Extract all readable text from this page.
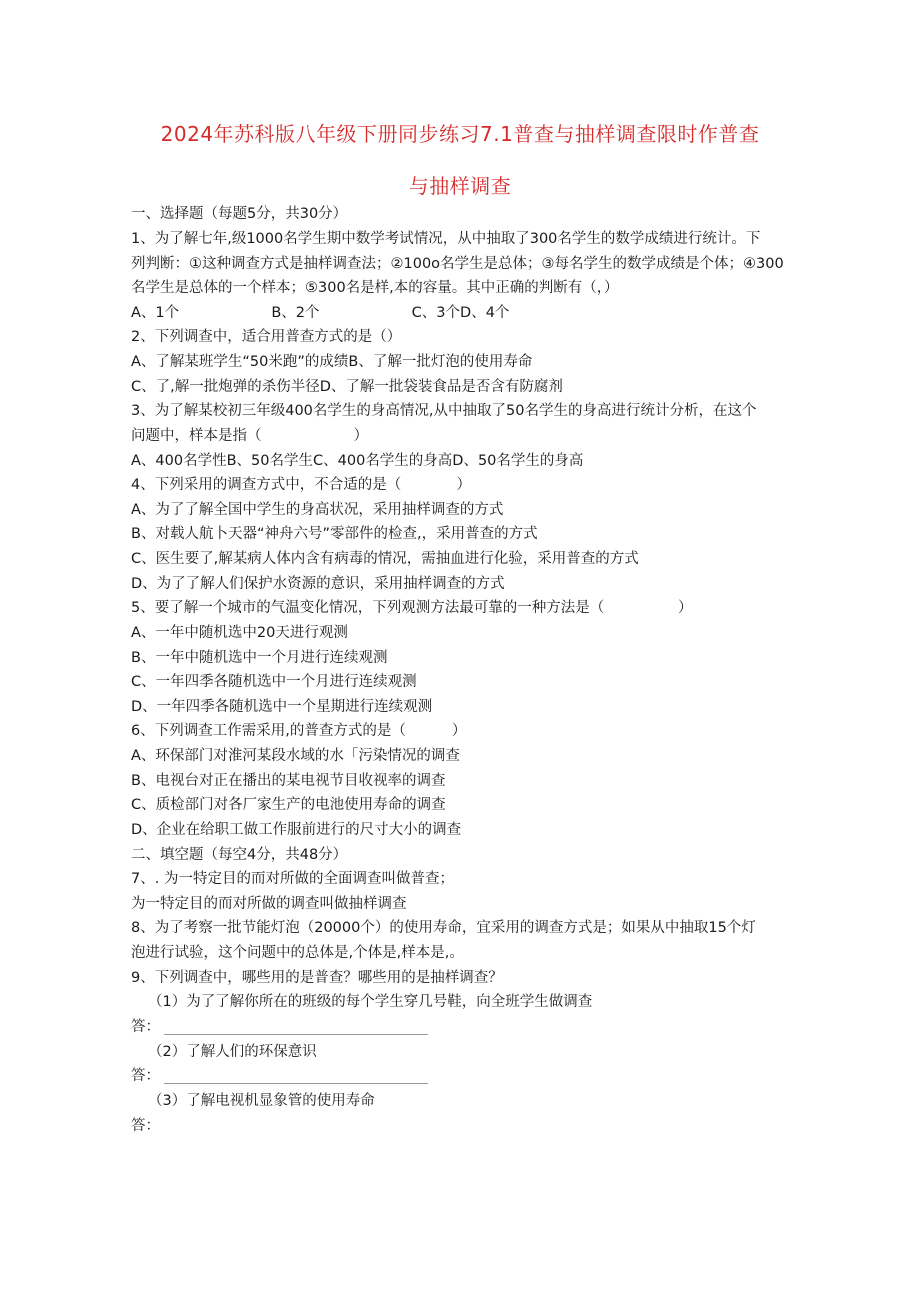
2024年苏科版八年级下册同步练习7.1普查与抽样调查限时作普查
与抽样调查
一、选择题（每题5分，共30分）
1、为了解七年,级1000名学生期中数学考试情况，从中抽取了300名学生的数学成绩进行统计。下
列判断：①这种调查方式是抽样调查法；②100o名学生是总体；③每名学生的数学成绩是个体；④300
名学生是总体的一个样本；⑤300名是样,本的容量。其中正确的判断有（，）
A、1个                    B、2个                    C、3个D、4个
2、下列调查中，适合用普查方式的是（）
A、了解某班学生“50米跑”的成绩B、了解一批灯泡的使用寿命
C、了,解一批炮弹的杀伤半径D、了解一批袋装食品是否含有防腐剂
3、为了解某校初三年级400名学生的身高情况,从中抽取了50名学生的身高进行统计分析，在这个
问题中，样本是指（                    ）
A、400名学性B、50名学生C、400名学生的身高D、50名学生的身高
4、下列采用的调查方式中，不合适的是（            ）
A、为了了解全国中学生的身高状况，采用抽样调查的方式
B、对载人航卜天器“神舟六号”零部件的检查,，采用普查的方式
C、医生要了,解某病人体内含有病毒的情况，需抽血进行化验，采用普查的方式
D、为了了解人们保护水资源的意识，采用抽样调查的方式
5、要了解一个城市的气温变化情况，下列观测方法最可靠的一种方法是（                ）
A、一年中随机选中20天进行观测
B、一年中随机选中一个月进行连续观测
C、一年四季各随机选中一个月进行连续观测
D、一年四季各随机选中一个星期进行连续观测
6、下列调查工作需采用,的普查方式的是（          ）
A、环保部门对淮河某段水域的水「污染情况的调查
B、电视台对正在播出的某电视节目收视率的调查
C、质检部门对各厂家生产的电池使用寿命的调查
D、企业在给职工做工作服前进行的尺寸大小的调查
二、填空题（每空4分，共48分）
7、. 为一特定目的而对所做的全面调查叫做普查；
为一特定目的而对所做的调查叫做抽样调查
8、为了考察一批节能灯泡（20000个）的使用寿命，宜采用的调查方式是；如果从中抽取15个灯
泡进行试验，这个问题中的总体是,个体是,样本是,。
9、下列调查中，哪些用的是普查？哪些用的是抽样调查？
（1）为了了解你所在的班级的每个学生穿几号鞋，向全班学生做调查
答：
（2）了解人们的环保意识
答：
（3）了解电视机显象管的使用寿命
答：
